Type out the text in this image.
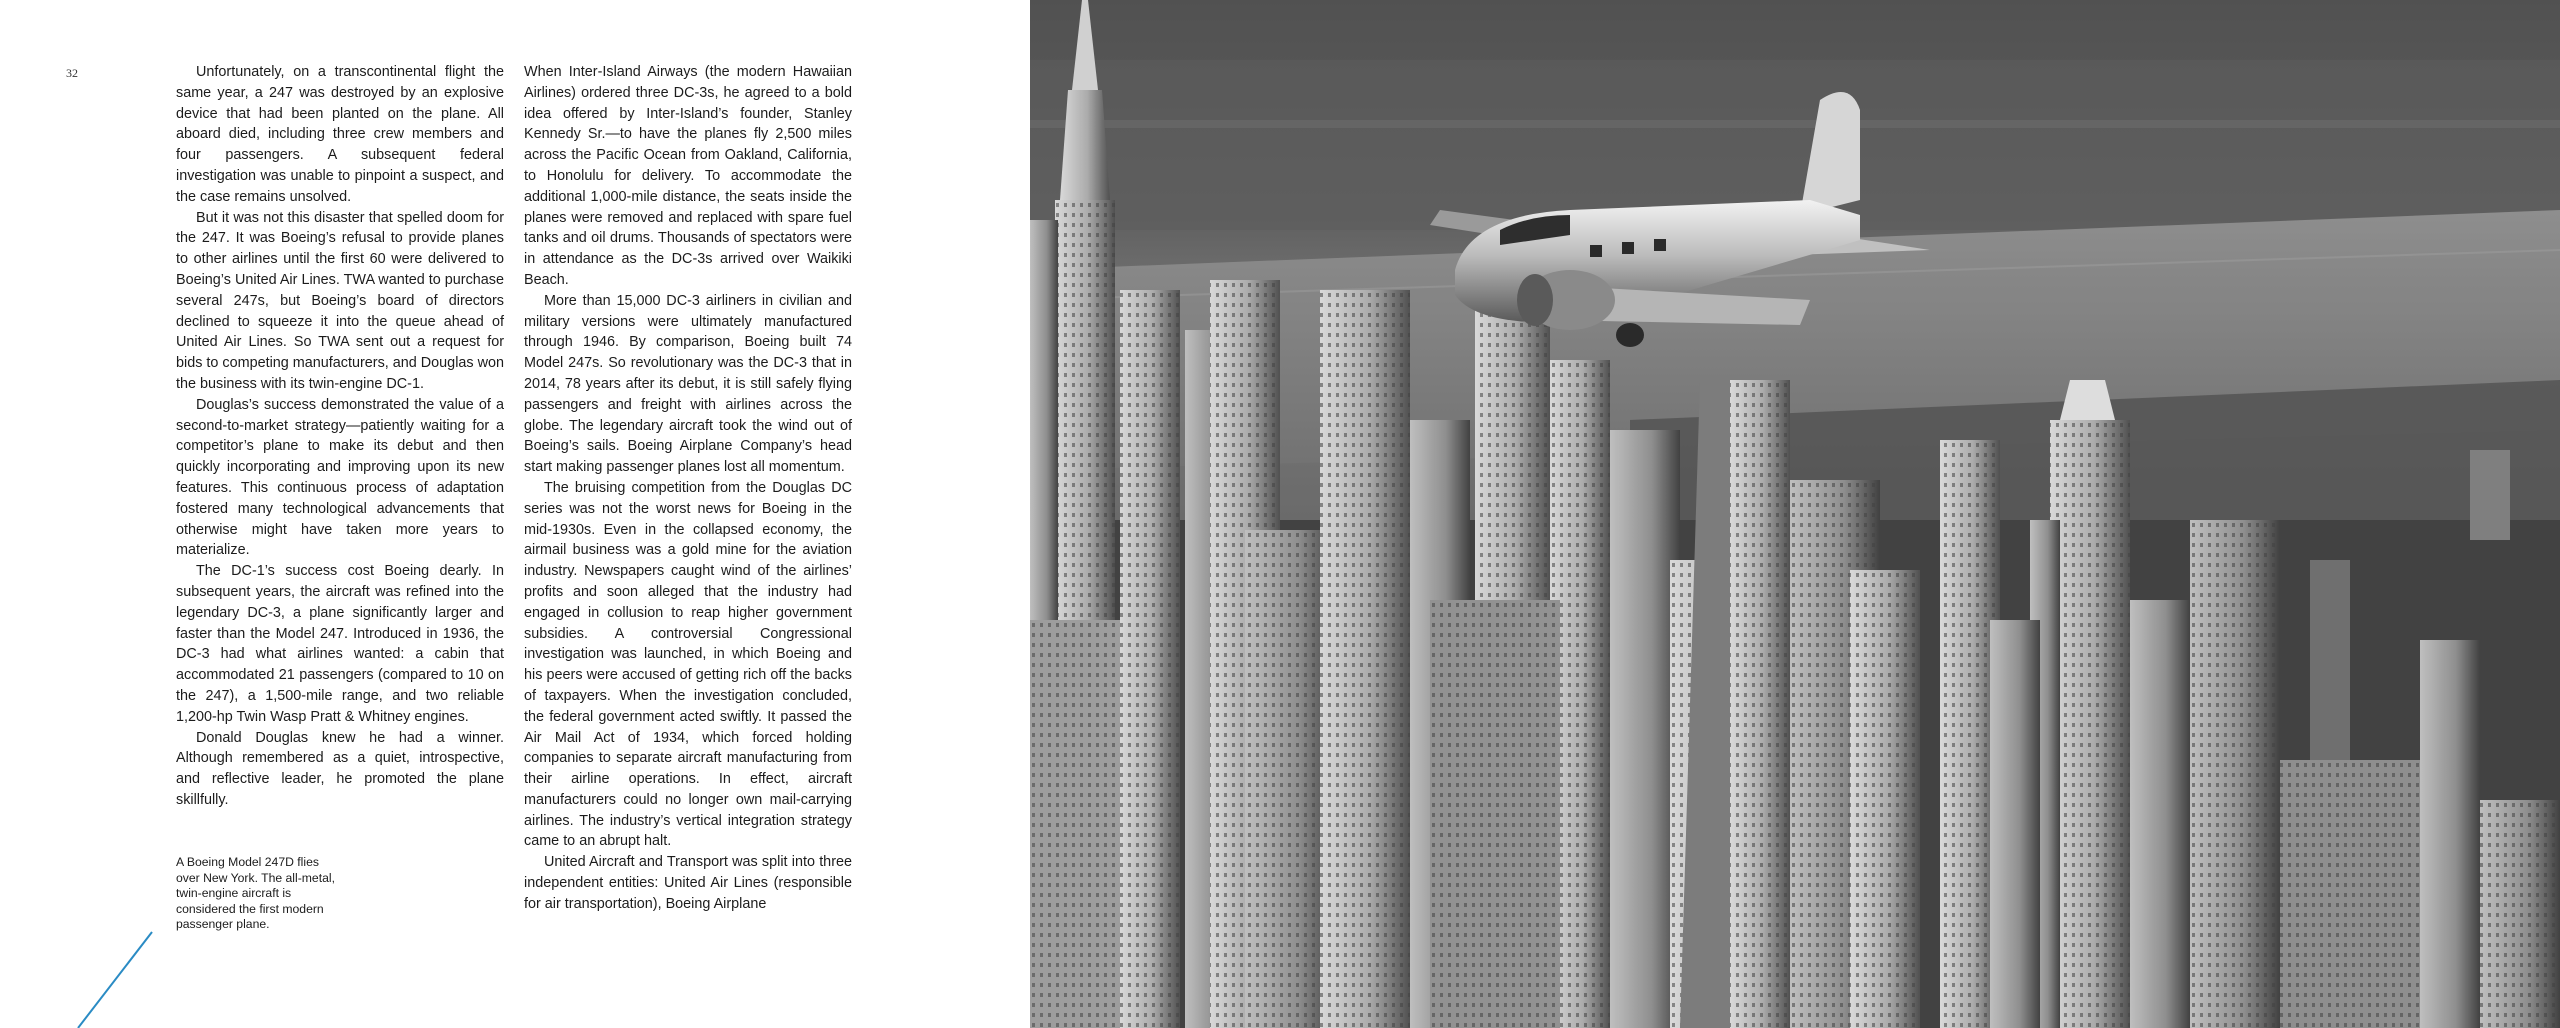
32	Unfortunately, on a transcontinental flight the same year, a 247 was destroyed by an explosive device that had been planted on the plane. All aboard died, including three crew members and four passengers. A subsequent federal investigation was unable to pinpoint a suspect, and the case remains unsolved.

But it was not this disaster that spelled doom for the 247. It was Boeing’s refusal to provide planes to other airlines until the first 60 were delivered to Boeing’s United Air Lines. TWA wanted to purchase several 247s, but Boeing’s board of directors declined to squeeze it into the queue ahead of United Air Lines. So TWA sent out a request for bids to competing manufacturers, and Douglas won the business with its twin-engine DC-1.

Douglas’s success demonstrated the value of a second-to-market strategy—patiently waiting for a competitor’s plane to make its debut and then quickly incorporating and improving upon its new features. This continuous process of adaptation fostered many technological advancements that otherwise might have taken more years to materialize.

The DC-1’s success cost Boeing dearly. In subsequent years, the aircraft was refined into the legendary DC-3, a plane significantly larger and faster than the Model 247. Introduced in 1936, the DC-3 had what airlines wanted: a cabin that accommodated 21 passengers (compared to 10 on the 247), a 1,500-mile range, and two reliable 1,200-hp Twin Wasp Pratt & Whitney engines.

Donald Douglas knew he had a winner. Although remembered as a quiet, introspective, and reflective leader, he promoted the plane skillfully.

When Inter-Island Airways (the modern Hawaiian Airlines) ordered three DC-3s, he agreed to a bold idea offered by Inter-Island’s founder, Stanley Kennedy Sr.—to have the planes fly 2,500 miles across the Pacific Ocean from Oakland, California, to Honolulu for delivery. To accommodate the additional 1,000-mile distance, the seats inside the planes were removed and replaced with spare fuel tanks and oil drums. Thousands of spectators were in attendance as the DC-3s arrived over Waikiki Beach.

More than 15,000 DC-3 airliners in civilian and military versions were ultimately manufactured through 1946. By comparison, Boeing built 74 Model 247s. So revolutionary was the DC-3 that in 2014, 78 years after its debut, it is still safely flying passengers and freight with airlines across the globe. The legendary aircraft took the wind out of Boeing’s sails. Boeing Airplane Company’s head start making passenger planes lost all momentum.

The bruising competition from the Douglas DC series was not the worst news for Boeing in the mid-1930s. Even in the collapsed economy, the airmail business was a gold mine for the aviation industry. Newspapers caught wind of the airlines’ profits and soon alleged that the industry had engaged in collusion to reap higher government subsidies. A controversial Congressional investigation was launched, in which Boeing and his peers were accused of getting rich off the backs of taxpayers. When the investigation concluded, the federal government acted swiftly. It passed the Air Mail Act of 1934, which forced holding companies to separate aircraft manufacturing from their airline operations. In effect, aircraft manufacturers could no longer own mail-carrying airlines. The industry’s vertical integration strategy came to an abrupt halt.

United Aircraft and Transport was split into three independent entities: United Air Lines (responsible for air transportation), Boeing Airplane

A Boeing Model 247D flies over New York. The all-metal, twin-engine aircraft is considered the first modern passenger plane.
